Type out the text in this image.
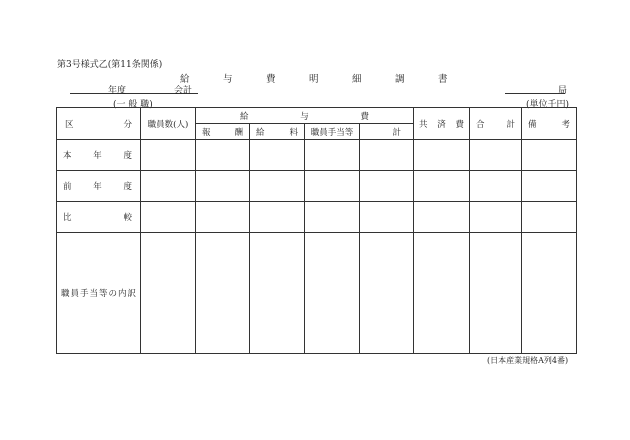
第3号様式乙(第11条関係)
給　与　費　明　細　調　書
年度	会計	局
(一 般 職)	(単位千円)
区 分	職員数(人)	給 与 費				共 済 費	合 計	備 考

		報 酬	給 料	職員手当等	計			

本 年 度								

前 年 度								

比 較								

職員手当等の内訳								

(日本産業規格A列4番)
